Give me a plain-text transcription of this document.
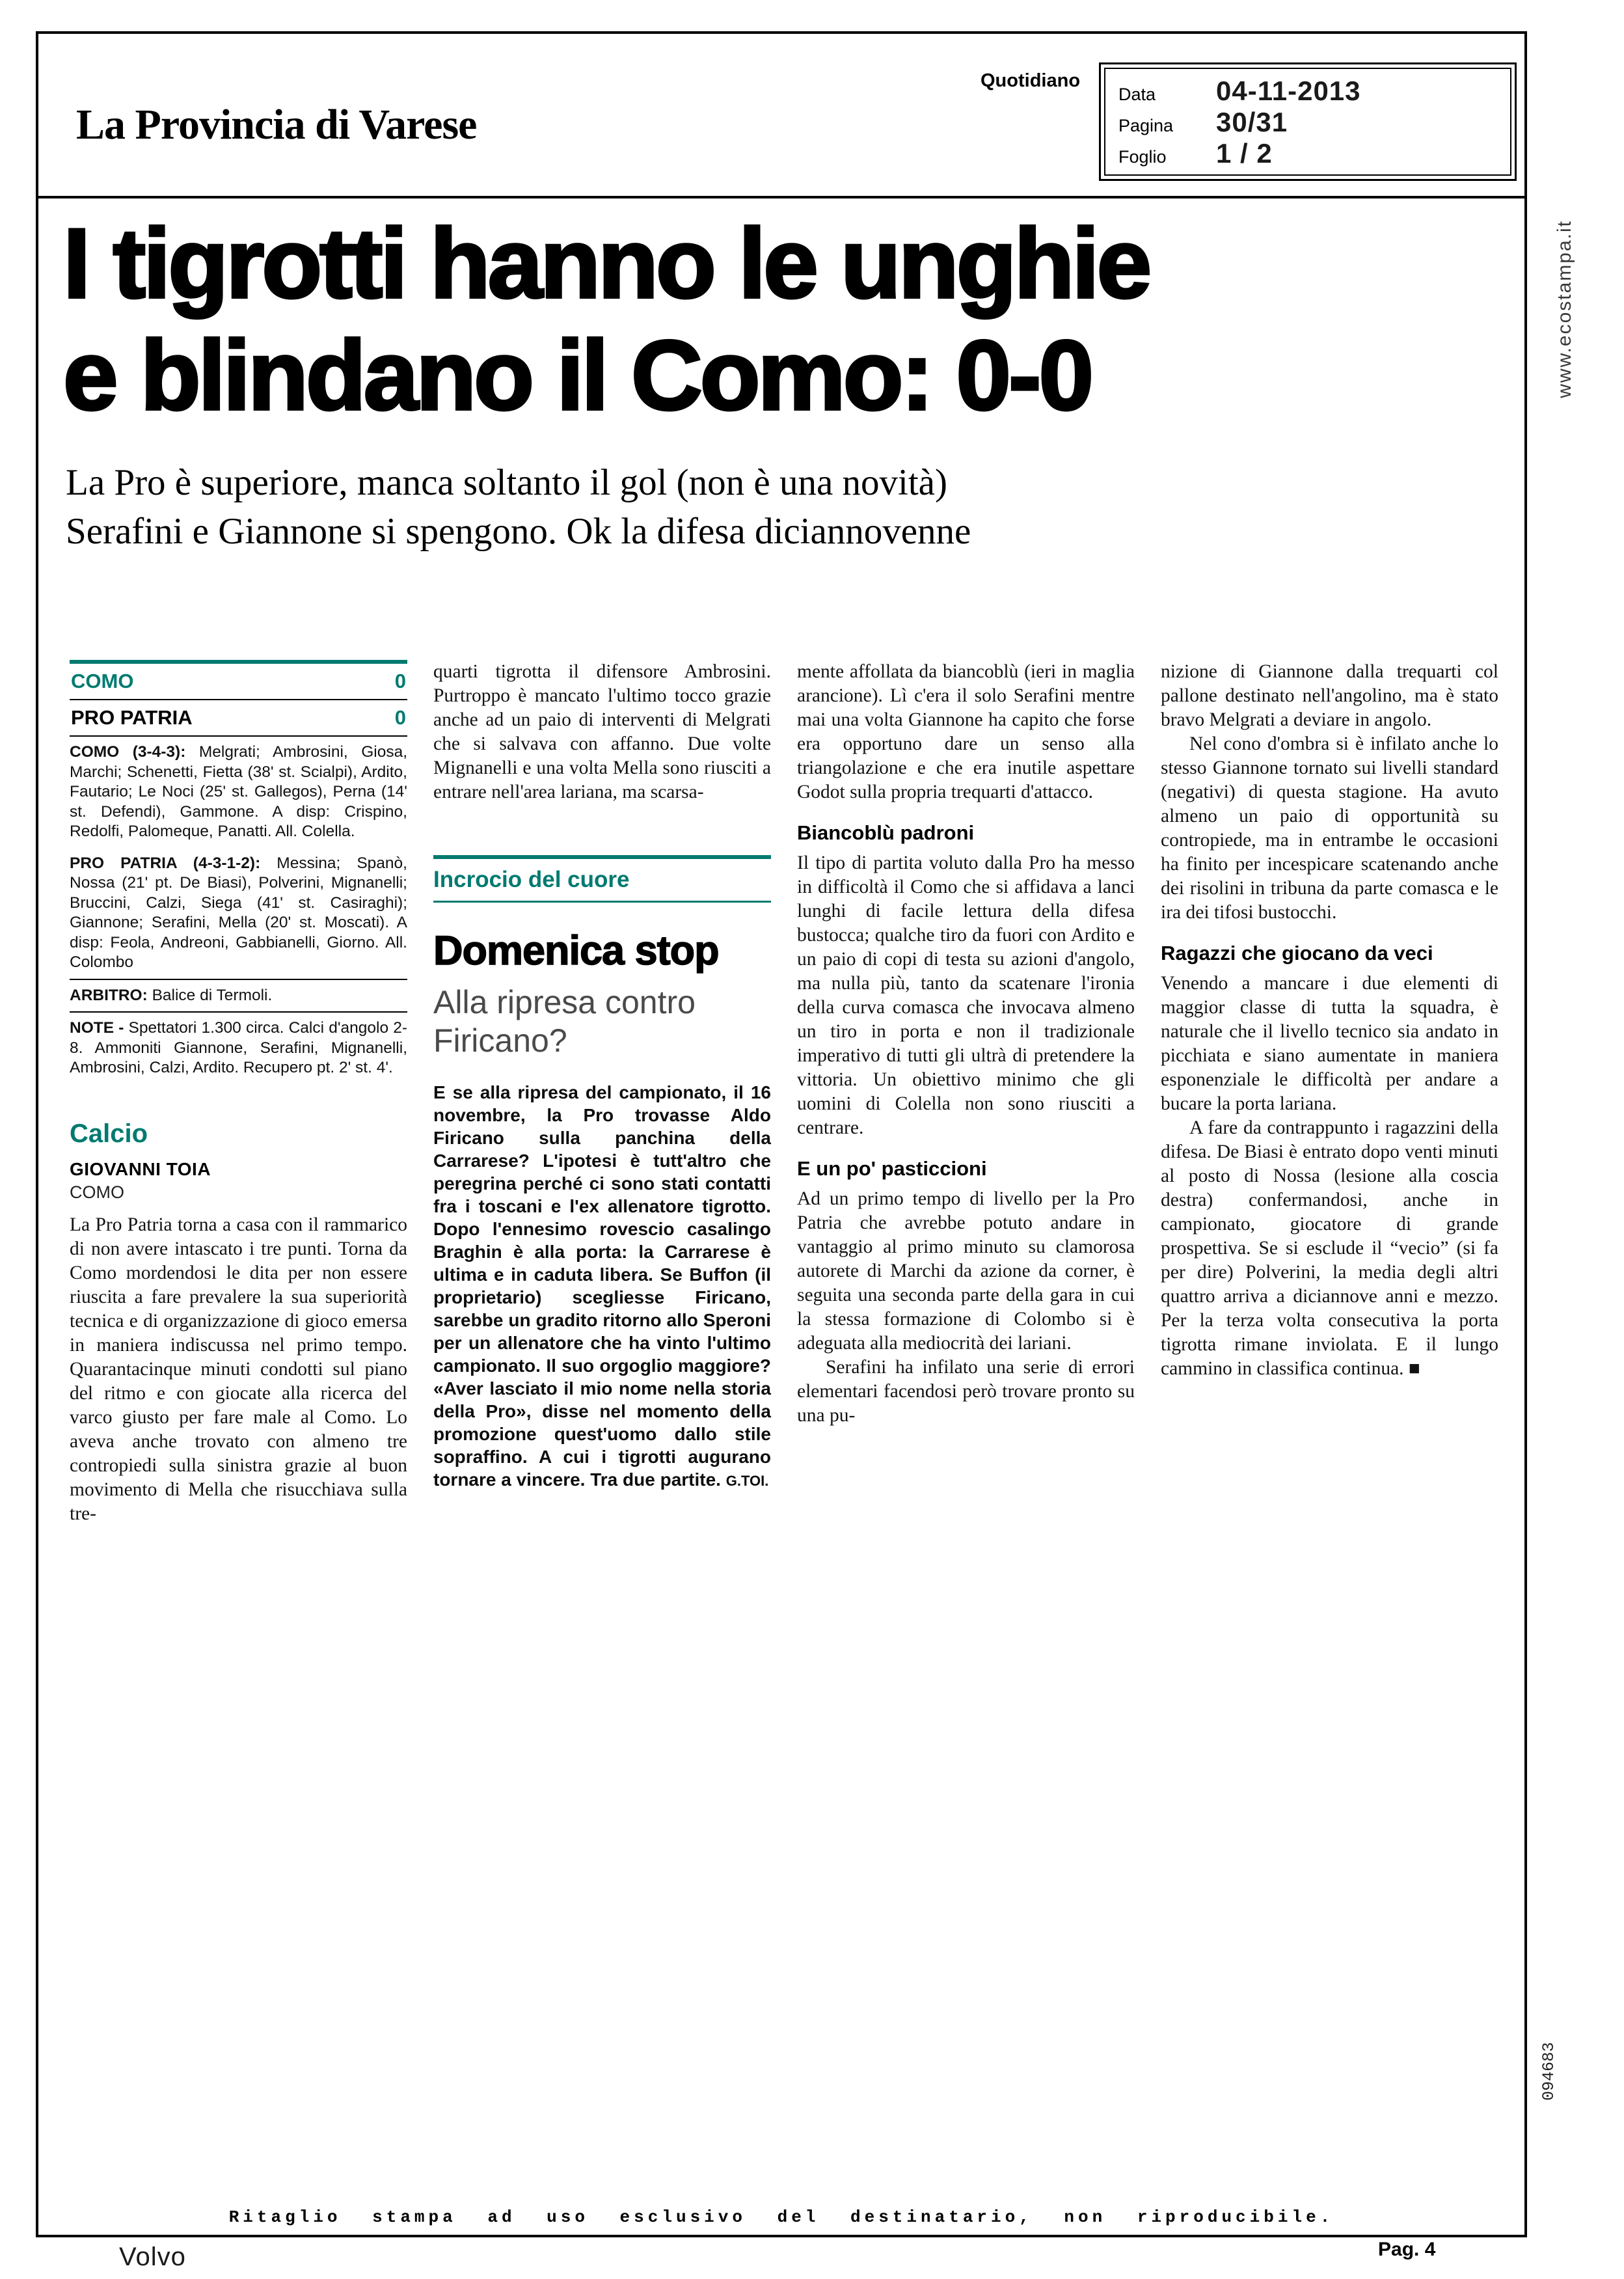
La Provincia di Varese
Quotidiano
Data	04-11-2013
Pagina	30/31
Foglio	1 / 2
I tigrotti hanno le unghie
e blindano il Como: 0-0
La Pro è superiore, manca soltanto il gol (non è una novità)
Serafini e Giannone si spengono. Ok la difesa diciannovenne
COMO	0
PRO PATRIA	0

COMO (3-4-3): Melgrati; Ambrosini, Giosa, Marchi; Schenetti, Fietta (38' st. Scialpi), Ardito, Fautario; Le Noci (25' st. Gallegos), Perna (14' st. Defendi), Gammone. A disp: Crispino, Redolfi, Palomeque, Panatti. All. Colella.

PRO PATRIA (4-3-1-2): Messina; Spanò, Nossa (21' pt. De Biasi), Polverini, Mignanelli; Bruccini, Calzi, Siega (41' st. Casiraghi); Giannone; Serafini, Mella (20' st. Moscati). A disp: Feola, Andreoni, Gabbianelli, Giorno. All. Colombo

ARBITRO: Balice di Termoli.

NOTE - Spettatori 1.300 circa. Calci d'angolo 2-8. Ammoniti Giannone, Serafini, Mignanelli, Ambrosini, Calzi, Ardito. Recupero pt. 2' st. 4'.

Calcio
GIOVANNI TOIA
COMO

La Pro Patria torna a casa con il rammarico di non avere intascato i tre punti. Torna da Como mordendosi le dita per non essere riuscita a fare prevalere la sua superiorità tecnica e di organizzazione di gioco emersa in maniera indiscussa nel primo tempo. Quarantacinque minuti condotti sul piano del ritmo e con giocate alla ricerca del varco giusto per fare male al Como. Lo aveva anche trovato con almeno tre contropiedi sulla sinistra grazie al buon movimento di Mella che risucchiava sulla tre-

quarti tigrotta il difensore Ambrosini. Purtroppo è mancato l'ultimo tocco grazie anche ad un paio di interventi di Melgrati che si salvava con affanno. Due volte Mignanelli e una volta Mella sono riusciti a entrare nell'area lariana, ma scarsa-

Incrocio del cuore
Domenica stop
Alla ripresa contro Firicano?

E se alla ripresa del campionato, il 16 novembre, la Pro trovasse Aldo Firicano sulla panchina della Carrarese? L'ipotesi è tutt'altro che peregrina perché ci sono stati contatti fra i toscani e l'ex allenatore tigrotto. Dopo l'ennesimo rovescio casalingo Braghin è alla porta: la Carrarese è ultima e in caduta libera. Se Buffon (il proprietario) scegliesse Firicano, sarebbe un gradito ritorno allo Speroni per un allenatore che ha vinto l'ultimo campionato. Il suo orgoglio maggiore? «Aver lasciato il mio nome nella storia della Pro», disse nel momento della promozione quest'uomo dallo stile sopraffino. A cui i tigrotti augurano tornare a vincere. Tra due partite. G.TOI.

mente affollata da biancoblù (ieri in maglia arancione). Lì c'era il solo Serafini mentre mai una volta Giannone ha capito che forse era opportuno dare un senso alla triangolazione e che era inutile aspettare Godot sulla propria trequarti d'attacco.

Biancoblù padroni

Il tipo di partita voluto dalla Pro ha messo in difficoltà il Como che si affidava a lanci lunghi di facile lettura della difesa bustocca; qualche tiro da fuori con Ardito e un paio di copi di testa su azioni d'angolo, ma nulla più, tanto da scatenare l'ironia della curva comasca che invocava almeno un tiro in porta e non il tradizionale imperativo di tutti gli ultrà di pretendere la vittoria. Un obiettivo minimo che gli uomini di Colella non sono riusciti a centrare.

E un po' pasticcioni

Ad un primo tempo di livello per la Pro Patria che avrebbe potuto andare in vantaggio al primo minuto su clamorosa autorete di Marchi da azione da corner, è seguita una seconda parte della gara in cui la stessa formazione di Colombo si è adeguata alla mediocrità dei lariani.

Serafini ha infilato una serie di errori elementari facendosi però trovare pronto su una pu-

nizione di Giannone dalla trequarti col pallone destinato nell'angolino, ma è stato bravo Melgrati a deviare in angolo.

Nel cono d'ombra si è infilato anche lo stesso Giannone tornato sui livelli standard (negativi) di questa stagione. Ha avuto almeno un paio di opportunità su contropiede, ma in entrambe le occasioni ha finito per incespicare scatenando anche dei risolini in tribuna da parte comasca e le ira dei tifosi bustocchi.

Ragazzi che giocano da veci

Venendo a mancare i due elementi di maggior classe di tutta la squadra, è naturale che il livello tecnico sia andato in picchiata e siano aumentate in maniera esponenziale le difficoltà per andare a bucare la porta lariana.

A fare da contrappunto i ragazzini della difesa. De Biasi è entrato dopo venti minuti al posto di Nossa (lesione alla coscia destra) confermandosi, anche in campionato, giocatore di grande prospettiva. Se si esclude il “vecio” (si fa per dire) Polverini, la media degli altri quattro arriva a diciannove anni e mezzo. Per la terza volta consecutiva la porta tigrotta rimane inviolata. E il lungo cammino in classifica continua. ■

Ritaglio stampa ad uso esclusivo del destinatario, non riproducibile.
www.ecostampa.it
094683
Volvo	Pag. 4
